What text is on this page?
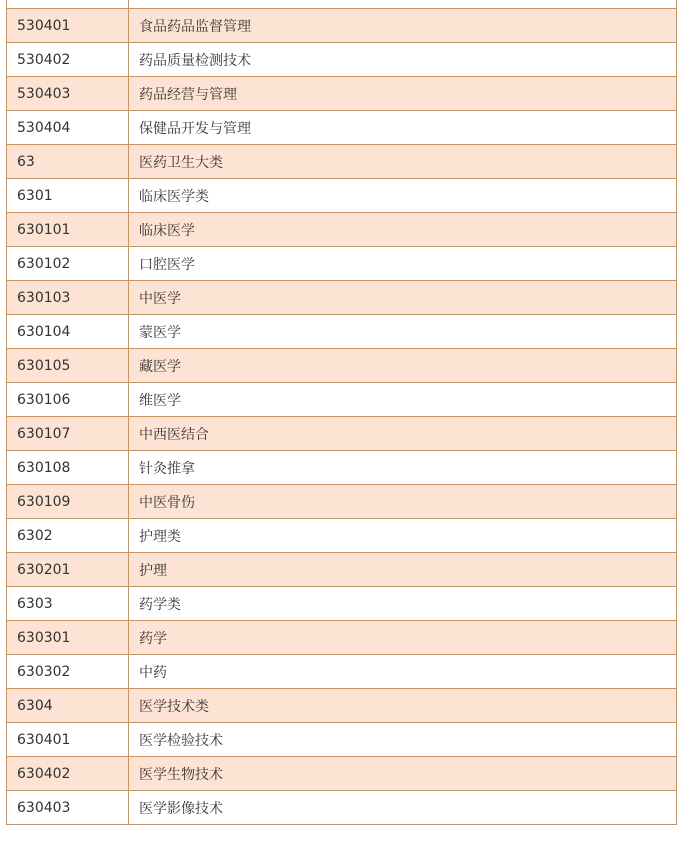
530401	食品药品监督管理
530402	药品质量检测技术
530403	药品经营与管理
530404	保健品开发与管理
63	医药卫生大类
6301	临床医学类
630101	临床医学
630102	口腔医学
630103	中医学
630104	蒙医学
630105	藏医学
630106	维医学
630107	中西医结合
630108	针灸推拿
630109	中医骨伤
6302	护理类
630201	护理
6303	药学类
630301	药学
630302	中药
6304	医学技术类
630401	医学检验技术
630402	医学生物技术
630403	医学影像技术
